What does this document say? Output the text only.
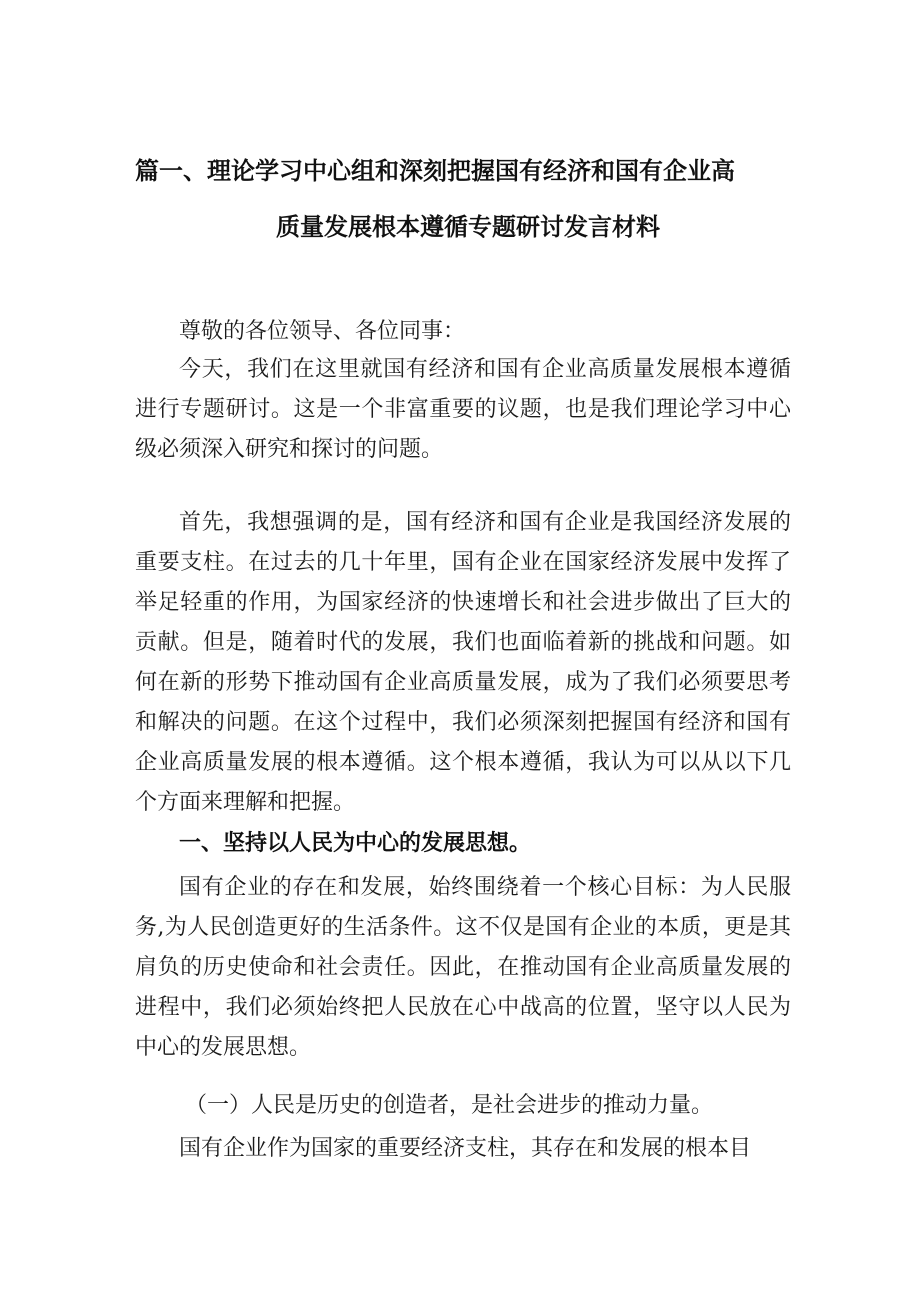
篇一、理论学习中心组和深刻把握国有经济和国有企业高
质量发展根本遵循专题研讨发言材料
尊敬的各位领导、各位同事：
今天，我们在这里就国有经济和国有企业高质量发展根本遵循进行专题研讨。这是一个非富重要的议题，也是我们理论学习中心级必须深入研究和探讨的问题。
首先，我想强调的是，国有经济和国有企业是我国经济发展的重要支柱。在过去的几十年里，国有企业在国家经济发展中发挥了举足轻重的作用，为国家经济的快速增长和社会进步做出了巨大的贡献。但是，随着时代的发展，我们也面临着新的挑战和问题。如何在新的形势下推动国有企业高质量发展，成为了我们必须要思考和解决的问题。在这个过程中，我们必须深刻把握国有经济和国有企业高质量发展的根本遵循。这个根本遵循，我认为可以从以下几个方面来理解和把握。
一、坚持以人民为中心的发展思想。
国有企业的存在和发展，始终围绕着一个核心目标：为人民服务,为人民创造更好的生活条件。这不仅是国有企业的本质，更是其肩负的历史使命和社会责任。因此，在推动国有企业高质量发展的进程中，我们必须始终把人民放在心中战高的位置，坚守以人民为中心的发展思想。
（一）人民是历史的创造者，是社会进步的推动力量。
国有企业作为国家的重要经济支柱，其存在和发展的根本目
